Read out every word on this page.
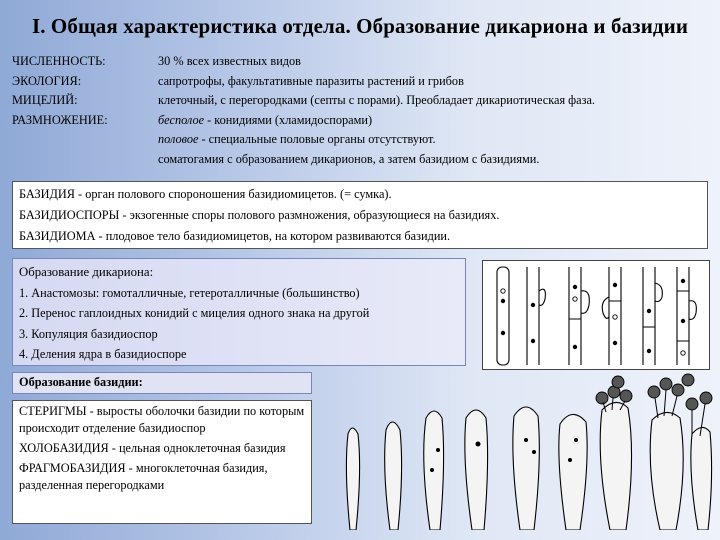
I. Общая характеристика отдела. Образование дикариона и базидии
ЧИСЛЕННОСТЬ:	30 % всех известных видов
ЭКОЛОГИЯ:	сапротрофы, факультативные паразиты растений и грибов
МИЦЕЛИЙ:	клеточный, с перегородками (септы с порами). Преобладает дикариотическая фаза.
РАЗМНОЖЕНИЕ:	бесполое - конидиями (хламидоспорами)
половое - специальные половые органы отсутствуют.
соматогамия с образованием дикарионов, а затем базидиом с базидиями.
БАЗИДИЯ - орган полового спороношения базидиомицетов. (= сумка).
БАЗИДИОСПОРЫ - экзогенные споры полового размножения, образующиеся на базидиях.
БАЗИДИОМА - плодовое тело базидиомицетов, на котором развиваются базидии.
Образование дикариона:
1. Анастомозы: гомоталличные, гетероталличные (большинство)
2. Перенос гаплоидных конидий с мицелия одного знака на другой
3. Копуляция базидиоспор
4. Деления ядра в базидиоспоре
Образование базидии:

СТЕРИГМЫ - выросты оболочки базидии по которым происходит отделение базидиоспор

ХОЛОБАЗИДИЯ - цельная одноклеточная базидия

ФРАГМОБАЗИДИЯ - многоклеточная базидия, разделенная перегородками
